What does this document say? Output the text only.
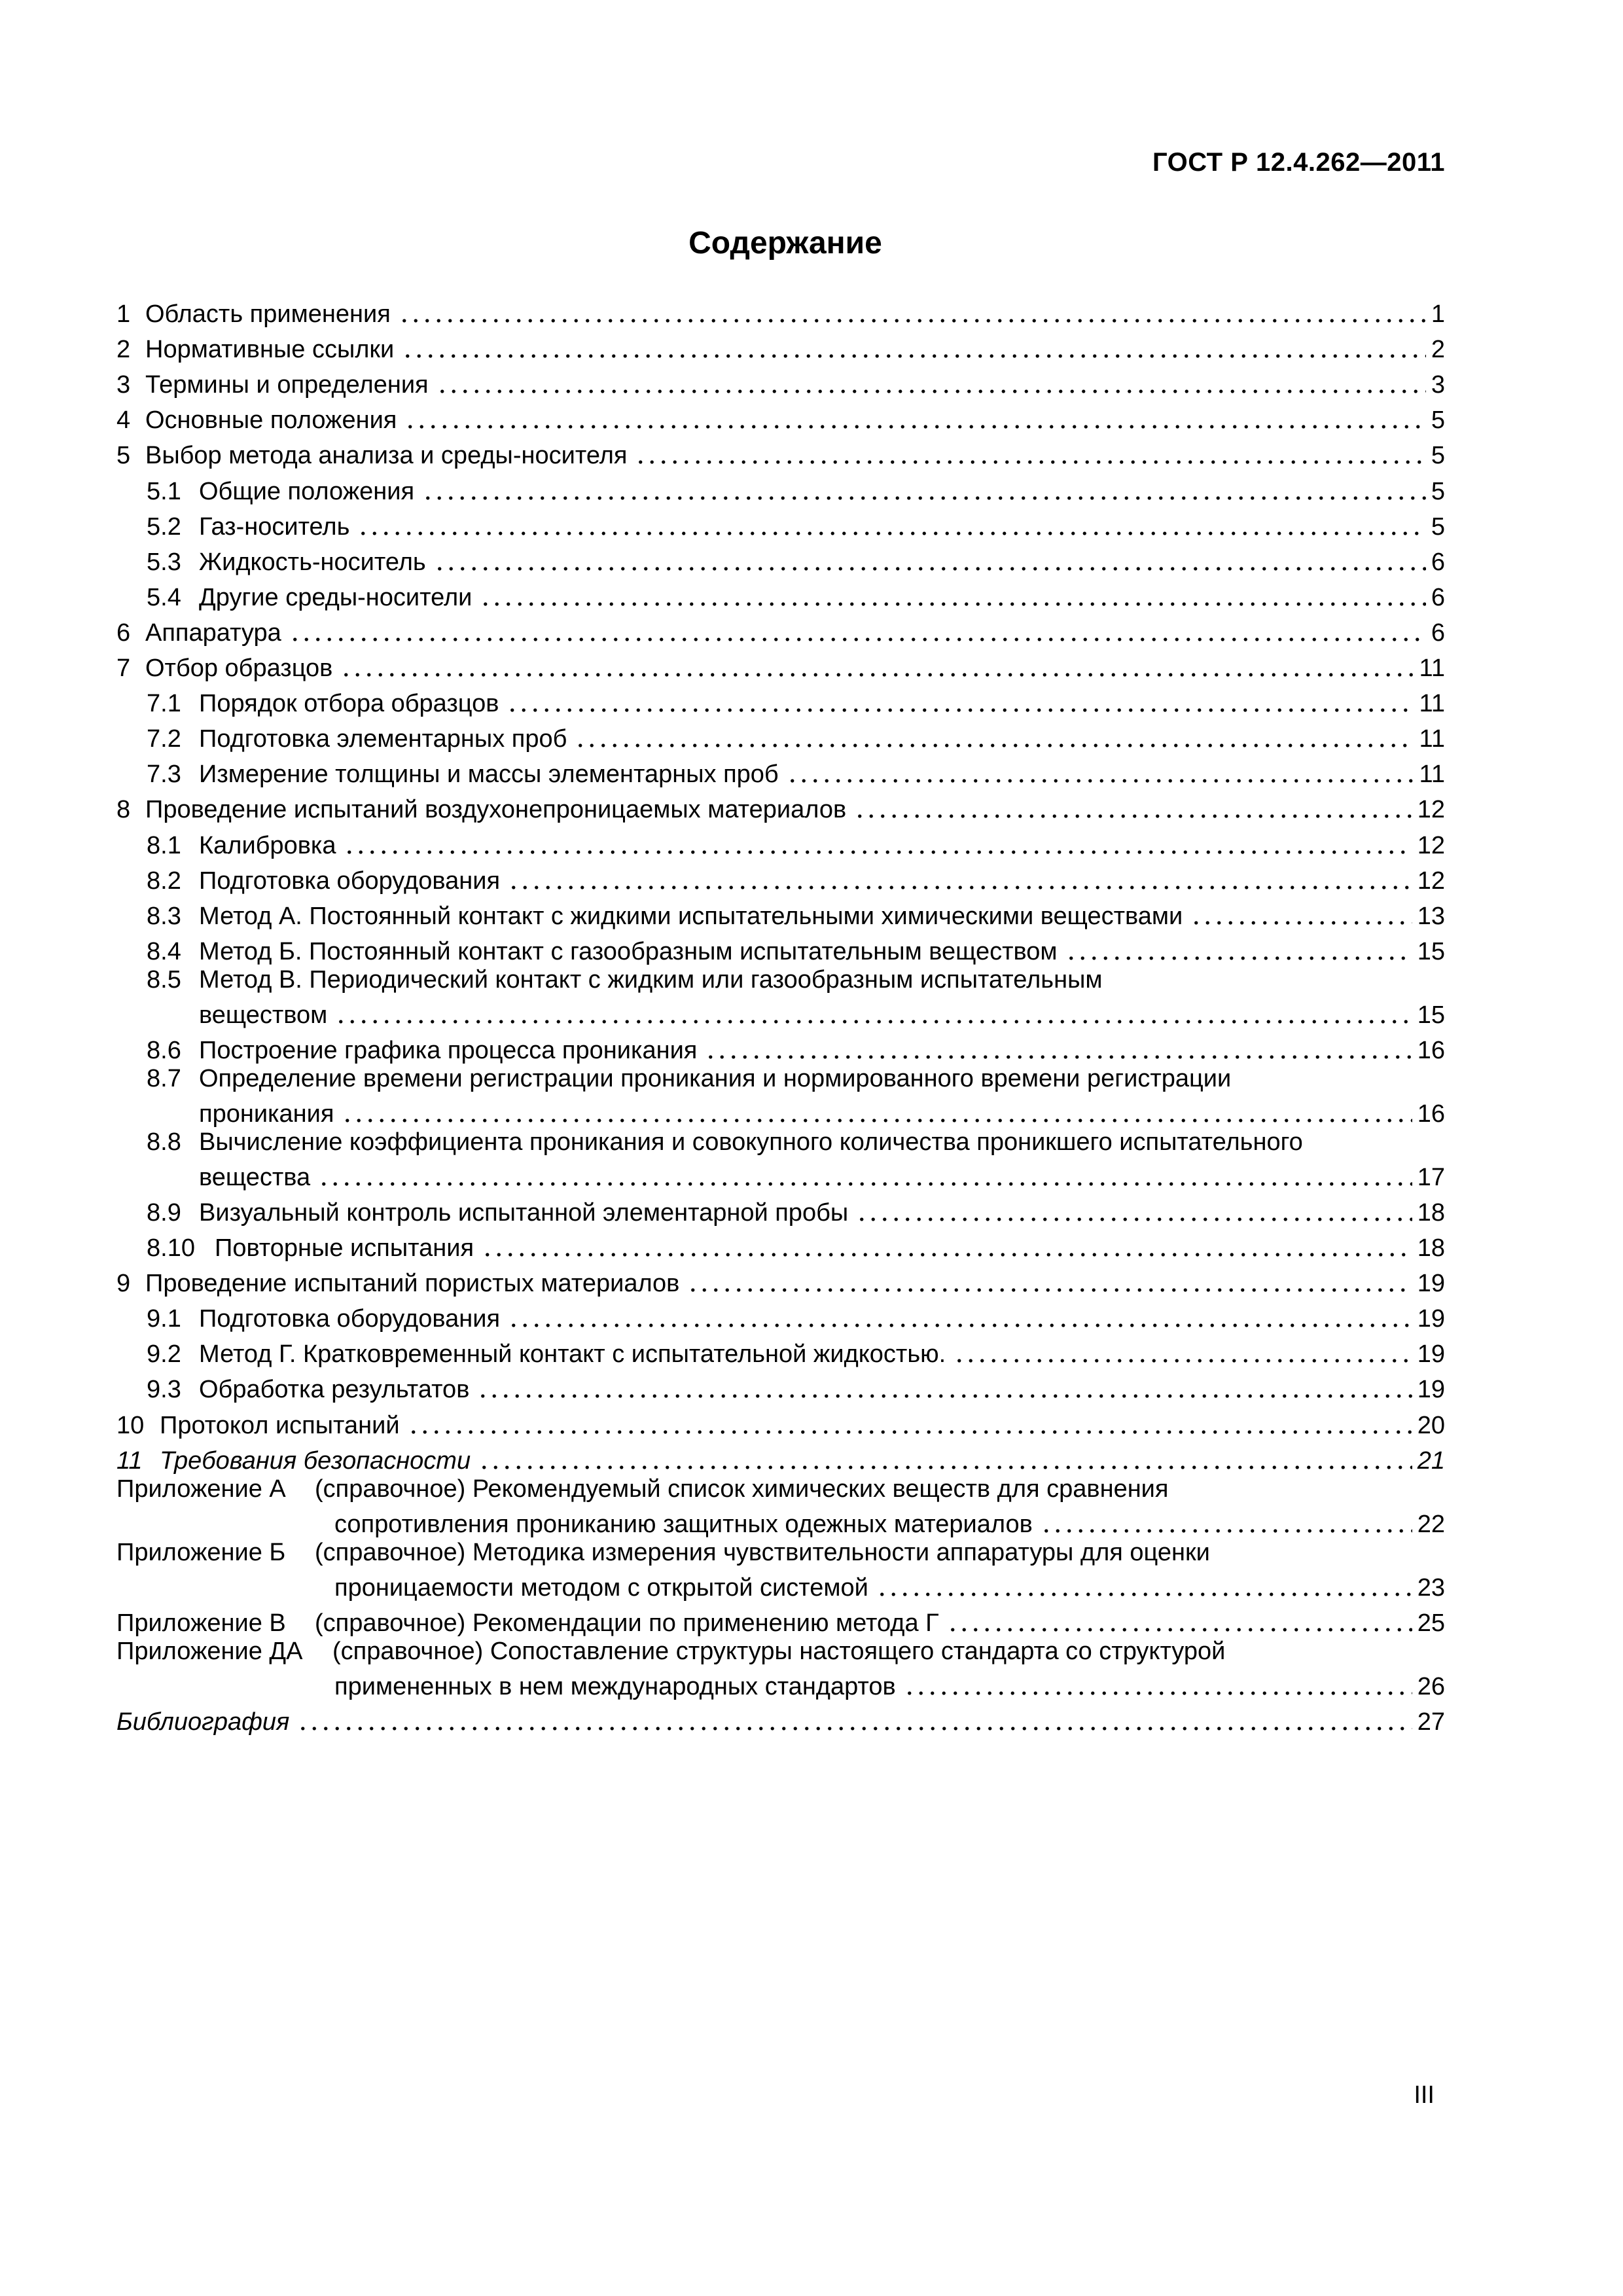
ГОСТ Р 12.4.262—2011
Содержание
1 Область применения	1
2 Нормативные ссылки	2
3 Термины и определения	3
4 Основные положения	5
5 Выбор метода анализа и среды-носителя	5
5.1 Общие положения	5
5.2 Газ-носитель	5
5.3 Жидкость-носитель	6
5.4 Другие среды-носители	6
6 Аппаратура	6
7 Отбор образцов	11
7.1 Порядок отбора образцов	11
7.2 Подготовка элементарных проб	11
7.3 Измерение толщины и массы элементарных проб	11
8 Проведение испытаний воздухонепроницаемых материалов	12
8.1 Калибровка	12
8.2 Подготовка оборудования	12
8.3 Метод А. Постоянный контакт с жидкими испытательными химическими веществами	13
8.4 Метод Б. Постоянный контакт с газообразным испытательным веществом	15
8.5 Метод В. Периодический контакт с жидким или газообразным испытательным
веществом	15
8.6 Построение графика процесса проникания	16
8.7 Определение времени регистрации проникания и нормированного времени регистрации
проникания	16
8.8 Вычисление коэффициента проникания и совокупного количества проникшего испытательного
вещества	17
8.9 Визуальный контроль испытанной элементарной пробы	18
8.10 Повторные испытания	18
9 Проведение испытаний пористых материалов	19
9.1 Подготовка оборудования	19
9.2 Метод Г. Кратковременный контакт с испытательной жидкостью.	19
9.3 Обработка результатов	19
10 Протокол испытаний	20
11 Требования безопасности	21
Приложение А (справочное) Рекомендуемый список химических веществ для сравнения
сопротивления прониканию защитных одежных материалов	22
Приложение Б (справочное) Методика измерения чувствительности аппаратуры для оценки
проницаемости методом с открытой системой	23
Приложение В	(справочное) Рекомендации по применению метода Г	25
Приложение ДА (справочное) Сопоставление структуры настоящего стандарта со структурой
примененных в нем международных стандартов	26
Библиография	27
III
